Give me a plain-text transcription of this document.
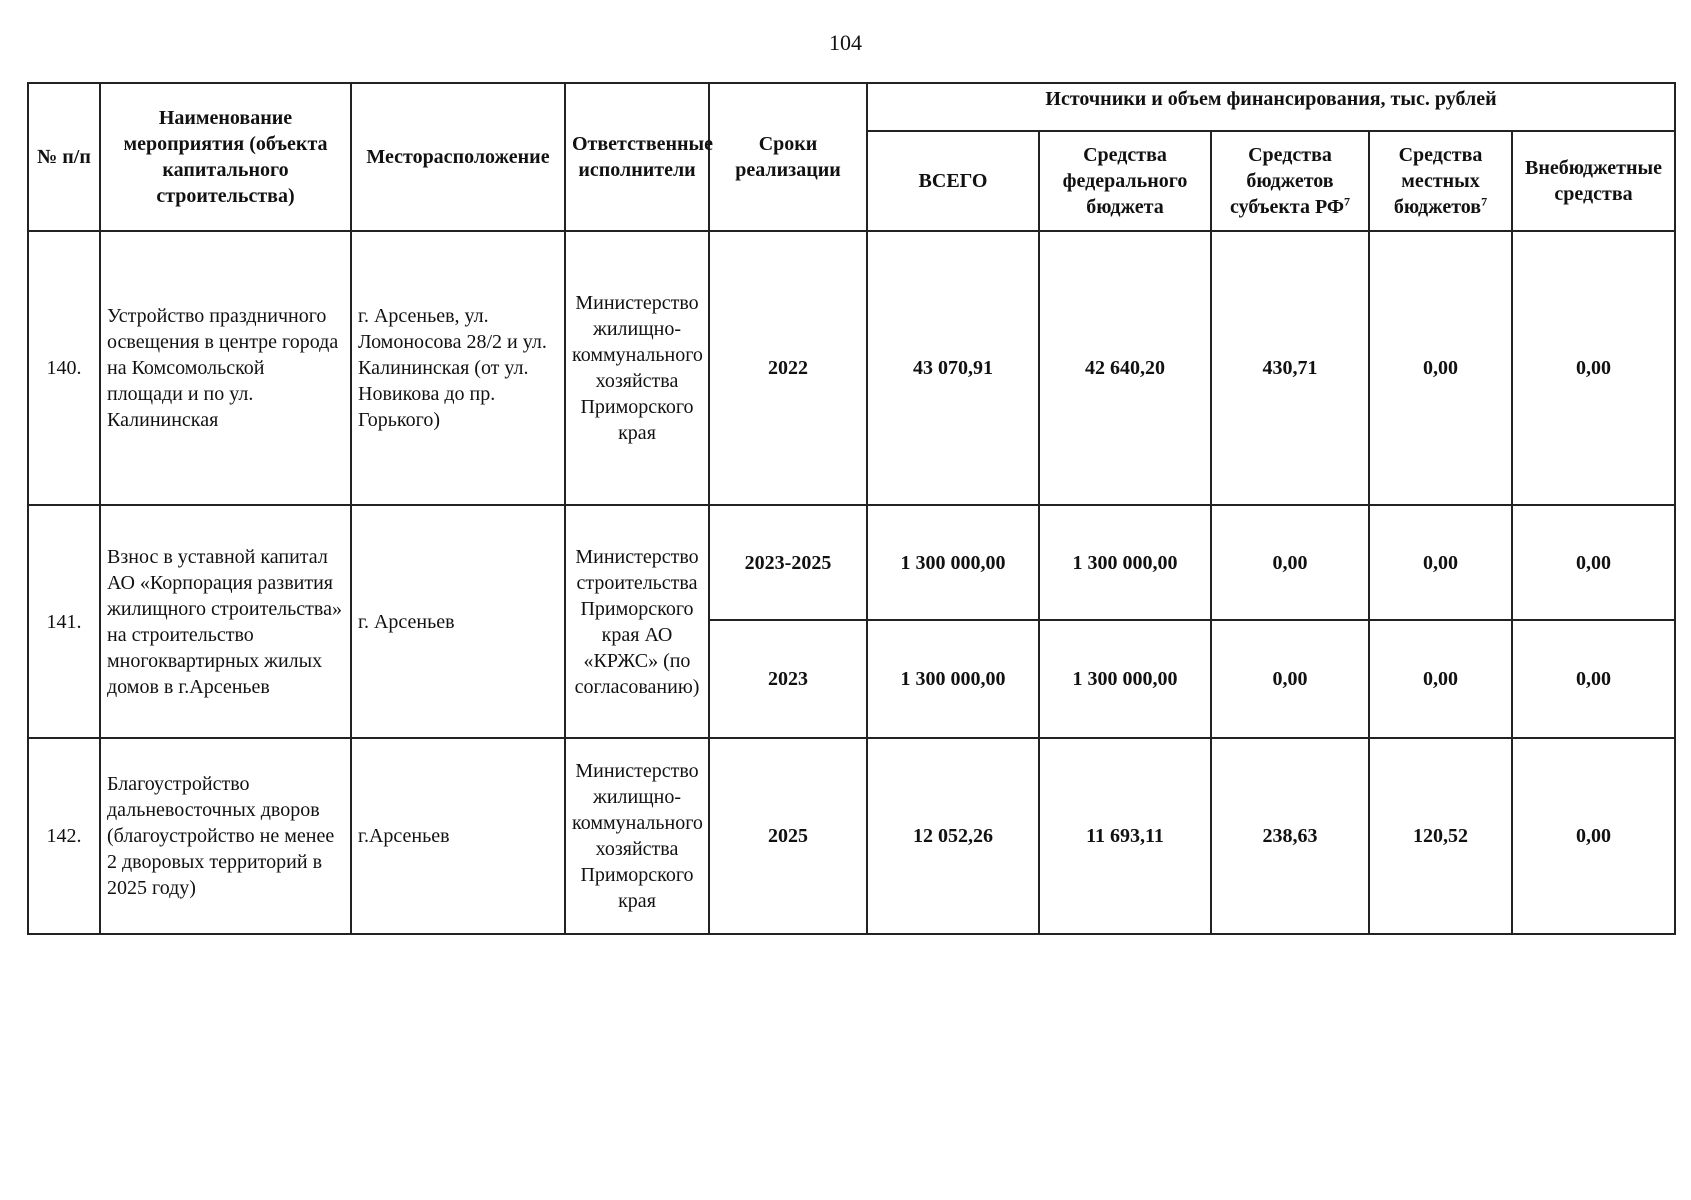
104
№ п/п	Наименование мероприятия (объекта капитального строительства)	Месторасположение	Ответственные исполнители	Сроки реализации	Источники и объем финансирования, тыс. рублей				
					ВСЕГО	Средства федерального бюджета	Средства бюджетов субъекта $РФ^7$	Средства местных бюджетов$^7$	Внебюджетные средства
140.	Устройство праздничного освещения в центре города на Комсомольской площади и по ул. Калининская	г. Арсеньев, ул. Ломоносова 28/2 и ул. Калининская (от ул. Новикова до пр. Горького)	Министерство жилищно-коммунального хозяйства Приморского края	2022	43 070,91	42 640,20	430,71	0,00	0,00
141.	Взнос в уставной капитал АО «Корпорация развития жилищного строительства» на строительство многоквартирных жилых домов в г.Арсеньев	г. Арсеньев	Министерство строительства Приморского края АО «КРЖС» (по согласованию)	2023-2025	1 300 000,00	1 300 000,00	0,00	0,00	0,00
				2023	1 300 000,00	1 300 000,00	0,00	0,00	0,00
142.	Благоустройство дальневосточных дворов (благоустройство не менее 2 дворовых территорий в 2025 году)	г.Арсеньев	Министерство жилищно-коммунального хозяйства Приморского края	2025	12 052,26	11 693,11	238,63	120,52	0,00
